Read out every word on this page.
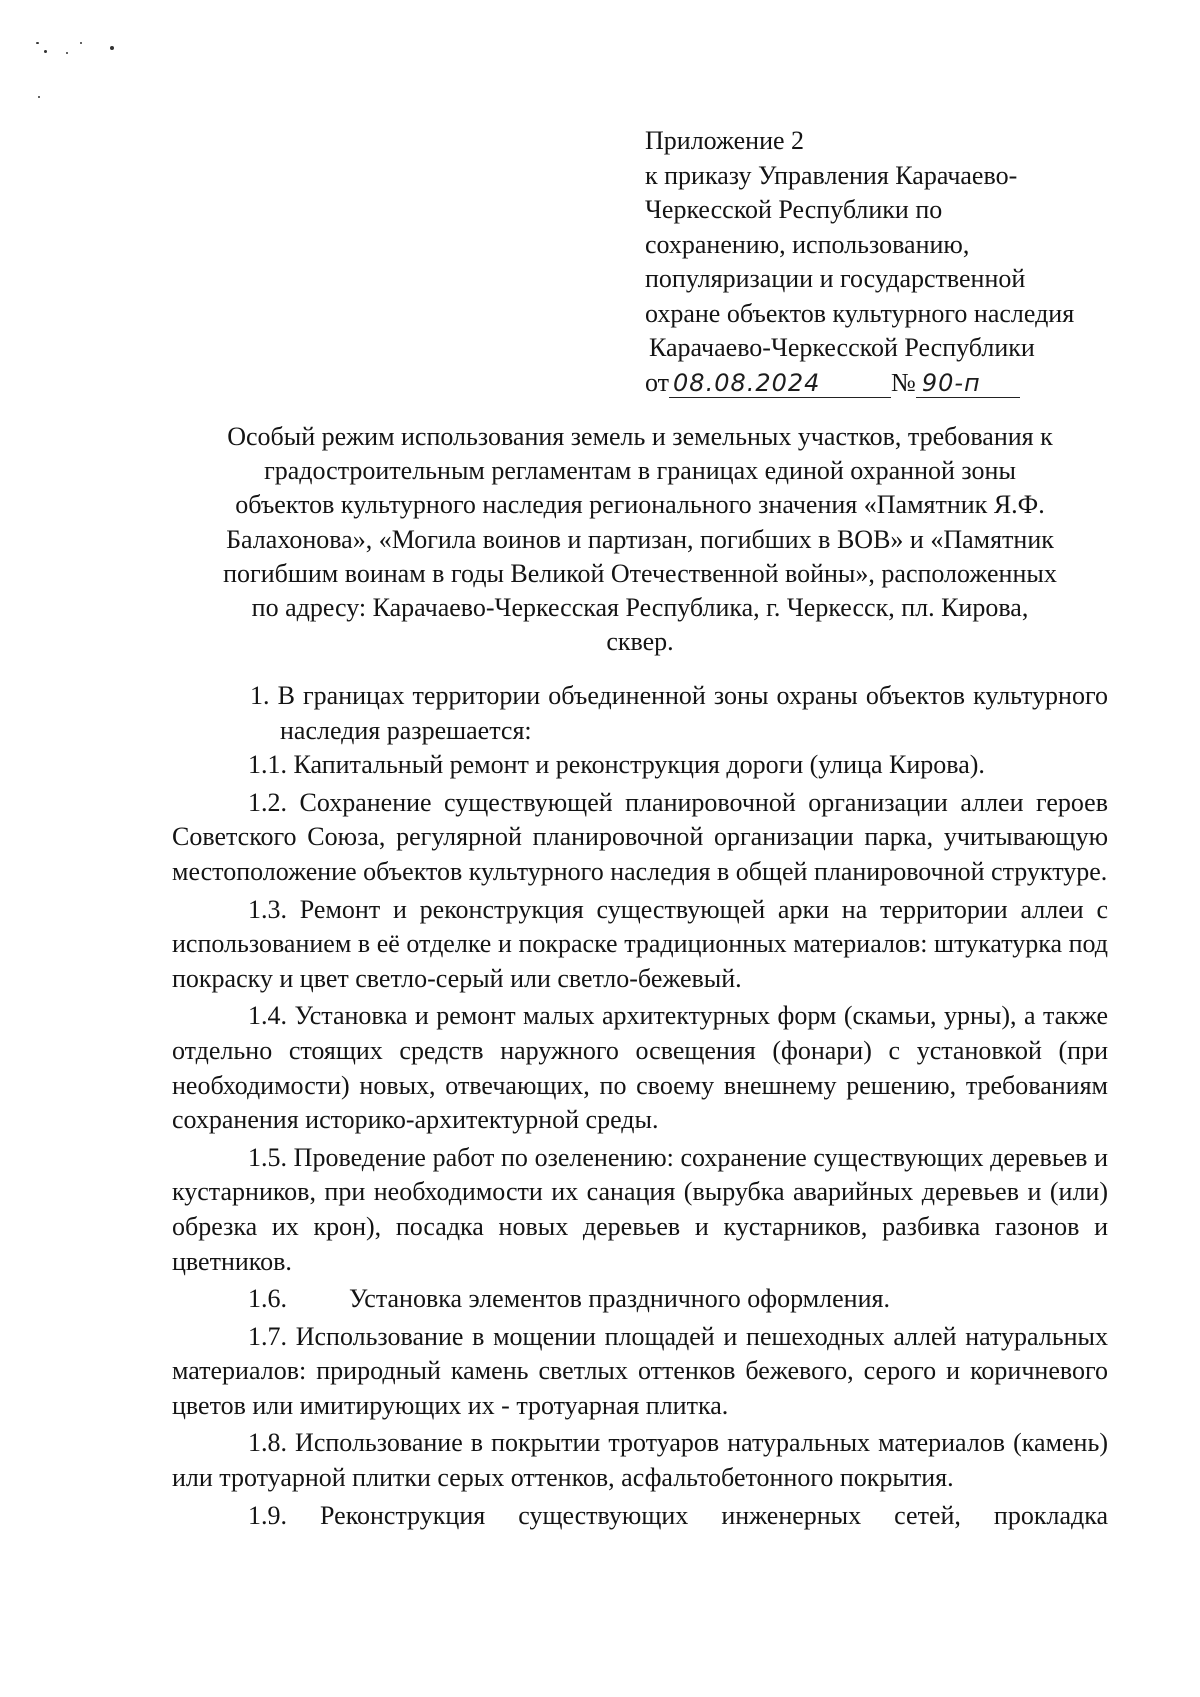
Приложение 2
к приказу Управления Карачаево-
Черкесской Республики по
сохранению, использованию,
популяризации и государственной
охране объектов культурного наследия
Карачаево-Черкесской Республики
от 08.08.2024	№ 90-п
Особый режим использования земель и земельных участков, требования к
градостроительным регламентам в границах единой охранной зоны
объектов культурного наследия регионального значения «Памятник Я.Ф.
Балахонова», «Могила воинов и партизан, погибших в ВОВ» и «Памятник
погибшим воинам в годы Великой Отечественной войны», расположенных
по адресу: Карачаево-Черкесская Республика, г. Черкесск, пл. Кирова,
сквер.

1. В границах территории объединенной зоны охраны объектов культурного наследия разрешается:

1.1. Капитальный ремонт и реконструкция дороги (улица Кирова).

1.2. Сохранение существующей планировочной организации аллеи героев Советского Союза, регулярной планировочной организации парка, учитывающую местоположение объектов культурного наследия в общей планировочной структуре.

1.3. Ремонт и реконструкция существующей арки на территории аллеи с использованием в её отделке и покраске традиционных материалов: штукатурка под покраску и цвет светло-серый или светло-бежевый.

1.4. Установка и ремонт малых архитектурных форм (скамьи, урны), а также отдельно стоящих средств наружного освещения (фонари) с установкой (при необходимости) новых, отвечающих, по своему внешнему решению, требованиям сохранения историко-архитектурной среды.

1.5. Проведение работ по озеленению: сохранение существующих деревьев и кустарников, при необходимости их санация (вырубка аварийных деревьев и (или) обрезка их крон), посадка новых деревьев и кустарников, разбивка газонов и цветников.

1.6. Установка элементов праздничного оформления.

1.7. Использование в мощении площадей и пешеходных аллей натуральных материалов: природный камень светлых оттенков бежевого, серого и коричневого цветов или имитирующих их - тротуарная плитка.

1.8. Использование в покрытии тротуаров натуральных материалов (камень) или тротуарной плитки серых оттенков, асфальтобетонного покрытия.

1.9. Реконструкция существующих инженерных сетей, прокладка
